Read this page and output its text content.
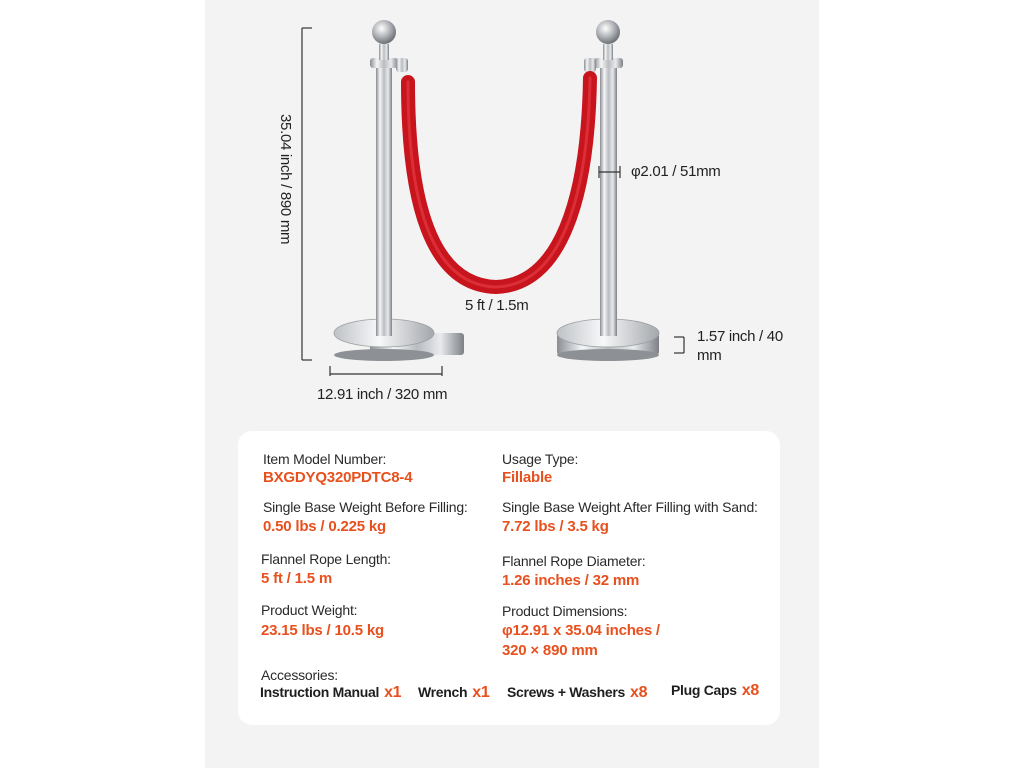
35.04 inch / 890 mm	φ2.01 / 51mm
5 ft / 1.5m
1.57 inch / 40 mm
12.91 inch / 320 mm
Item Model Number:
BXGDYQ320PDTC8-4
Usage Type:
Fillable
Single Base Weight Before Filling:
0.50 lbs / 0.225 kg
Single Base Weight After Filling with Sand:
7.72 lbs / 3.5 kg
Flannel Rope Length:
5 ft / 1.5 m
Flannel Rope Diameter:
1.26 inches / 32 mm
Product Weight:
23.15 lbs / 10.5 kg
Product Dimensions:
φ12.91 x 35.04 inches /
320 × 890 mm
Accessories:
Instruction Manual x1 Wrench x1 Screws + Washers x8 Plug Caps x8
